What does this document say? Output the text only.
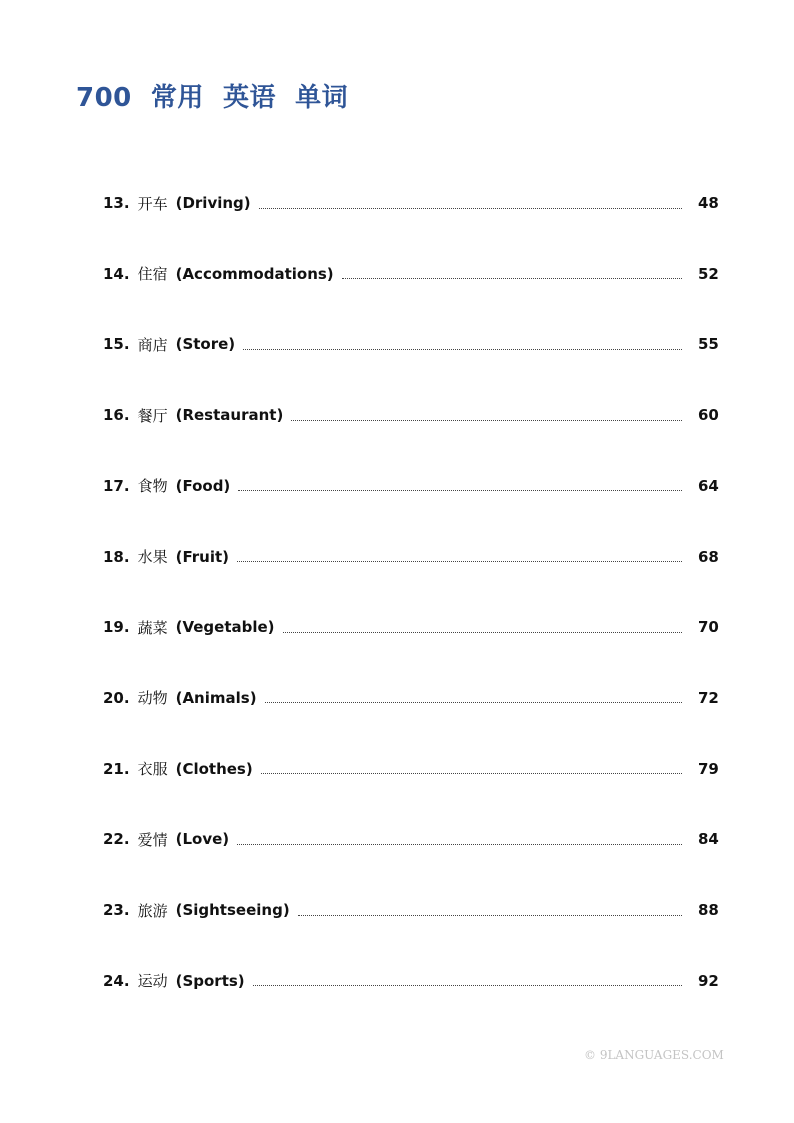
700  常用  英语  单词
13. 开车 (Driving)	48
14. 住宿 (Accommodations)	52
15. 商店 (Store)	55
16. 餐厅 (Restaurant)	60
17. 食物 (Food)	64
18. 水果 (Fruit)	68
19. 蔬菜 (Vegetable)	70
20. 动物 (Animals)	72
21. 衣服 (Clothes)	79
22. 爱情 (Love)	84
23. 旅游 (Sightseeing)	88
24. 运动 (Sports)	92
© 9LANGUAGES.COM
